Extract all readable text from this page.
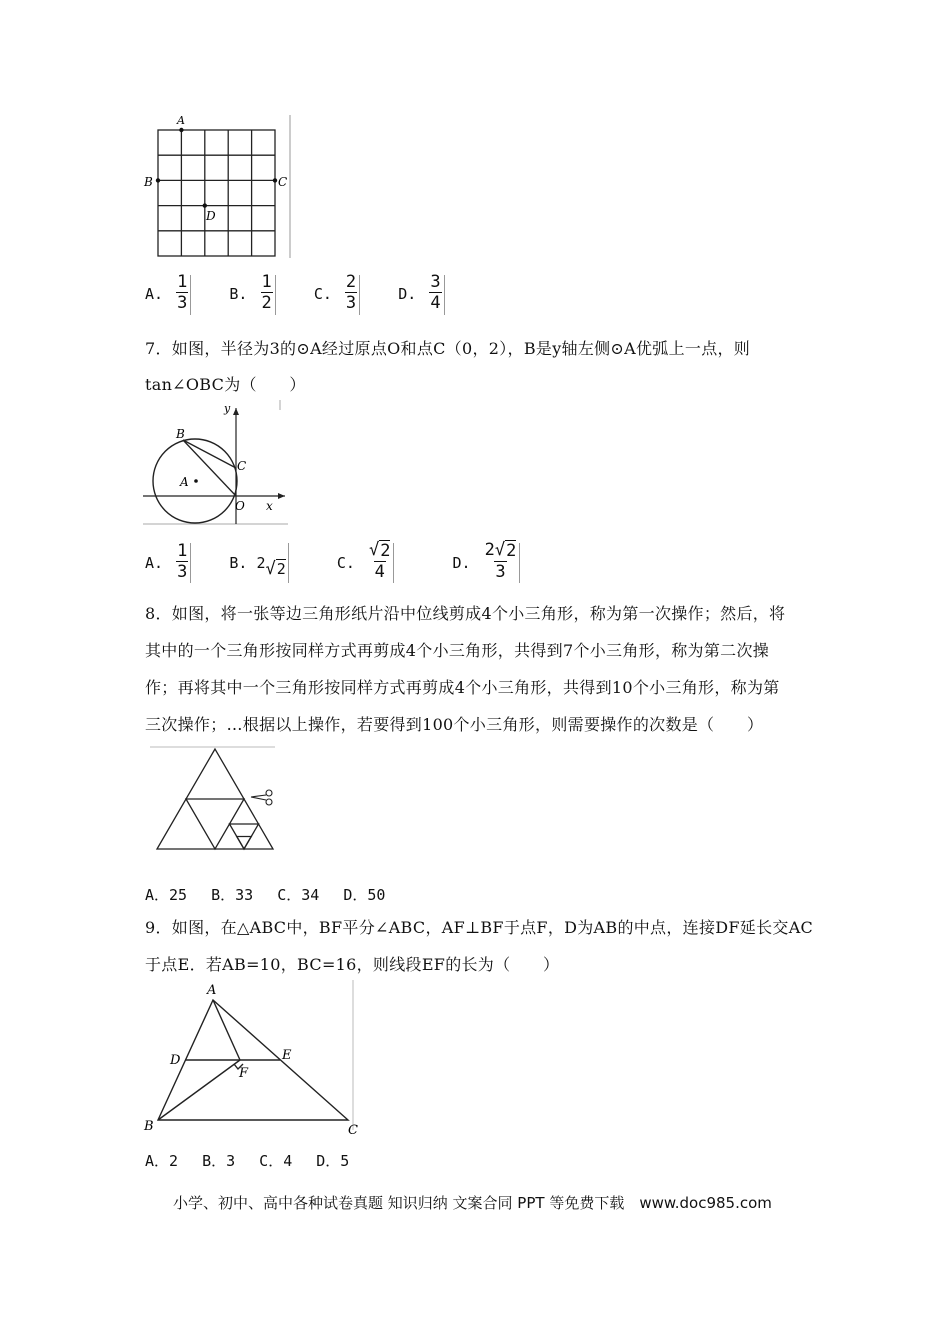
A
B	C
D
A. $\frac{1}{3}$	B. $\frac{1}{2}$	C. $\frac{2}{3}$	D. $\frac{3}{4}$
7．如图，半径为3的⊙A经过原点O和点C（0，2），B是y轴左侧⊙A优弧上一点，则
tan∠OBC为（　　）
y
x
B
C
A
O
A. $\frac{1}{3}$	B. 2 √ 2	C. $\frac{√ 2}{4}$	D. $\frac{2 √ 2}{3}$
8．如图，将一张等边三角形纸片沿中位线剪成4个小三角形，称为第一次操作；然后，将
其中的一个三角形按同样方式再剪成4个小三角形，共得到7个小三角形，称为第二次操
作；再将其中一个三角形按同样方式再剪成4个小三角形，共得到10个小三角形，称为第
三次操作；…根据以上操作，若要得到100个小三角形，则需要操作的次数是（　　）
A．25　 B．33　 C．34　 D．50
9．如图，在△ABC中，BF平分∠ABC，AF⊥BF于点F，D为AB的中点，连接DF延长交AC
于点E．若AB=10，BC=16，则线段EF的长为（　　）
A
B	C
D	E
F
A．2　 B．3　 C．4　 D．5
小学、初中、高中各种试卷真题 知识归纳 文案合同 PPT 等免费下载　www.doc985.com
